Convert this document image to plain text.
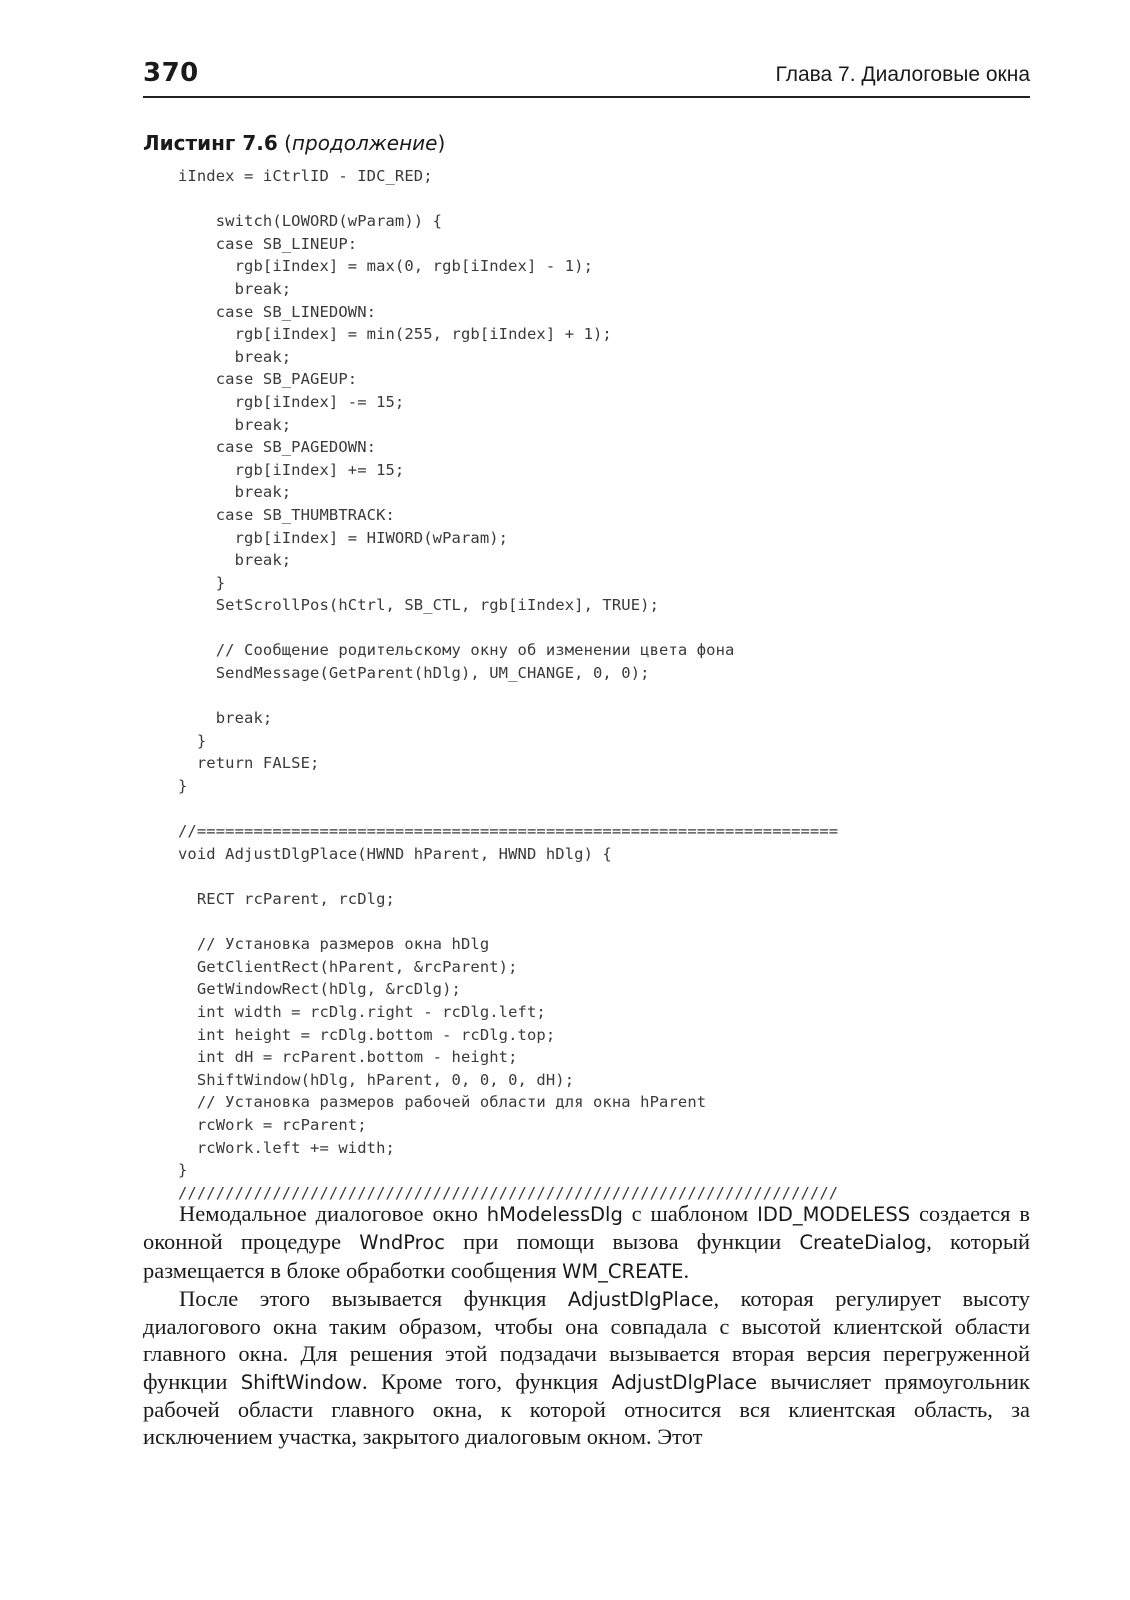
370	Глава 7. Диалоговые окна
Листинг 7.6 (продолжение)
iIndex = iCtrlID - IDC_RED;

switch(LOWORD(wParam)) {
case SB_LINEUP:
rgb[iIndex] = max(0, rgb[iIndex] - 1);
break;
case SB_LINEDOWN:
rgb[iIndex] = min(255, rgb[iIndex] + 1);
break;
case SB_PAGEUP:
rgb[iIndex] -= 15;
break;
case SB_PAGEDOWN:
rgb[iIndex] += 15;
break;
case SB_THUMBTRACK:
rgb[iIndex] = HIWORD(wParam);
break;
}
SetScrollPos(hCtrl, SB_CTL, rgb[iIndex], TRUE);

// Сообщение родительскому окну об изменении цвета фона
SendMessage(GetParent(hDlg), UM_CHANGE, 0, 0);

break;
}
return FALSE;
}

//====================================================================
void AdjustDlgPlace(HWND hParent, HWND hDlg) {

RECT rcParent, rcDlg;

// Установка размеров окна hDlg
GetClientRect(hParent, &rcParent);
GetWindowRect(hDlg, &rcDlg);
int width = rcDlg.right - rcDlg.left;
int height = rcDlg.bottom - rcDlg.top;
int dH = rcParent.bottom - height;
ShiftWindow(hDlg, hParent, 0, 0, 0, dH);
// Установка размеров рабочей области для окна hParent
rcWork = rcParent;
rcWork.left += width;
}
//////////////////////////////////////////////////////////////////////

Немодальное диалоговое окно hModelessDlg с шаблоном IDD_MODELESS создается в оконной процедуре WndProc при помощи вызова функции CreateDialog, который размещается в блоке обработки сообщения WM_CREATE.

После этого вызывается функция AdjustDlgPlace, которая регулирует высоту диалогового окна таким образом, чтобы она совпадала с высотой клиентской области главного окна. Для решения этой подзадачи вызывается вторая версия перегруженной функции ShiftWindow. Кроме того, функция AdjustDlgPlace вычисляет прямоугольник рабочей области главного окна, к которой относится вся клиентская область, за исключением участка, закрытого диалоговым окном. Этот
